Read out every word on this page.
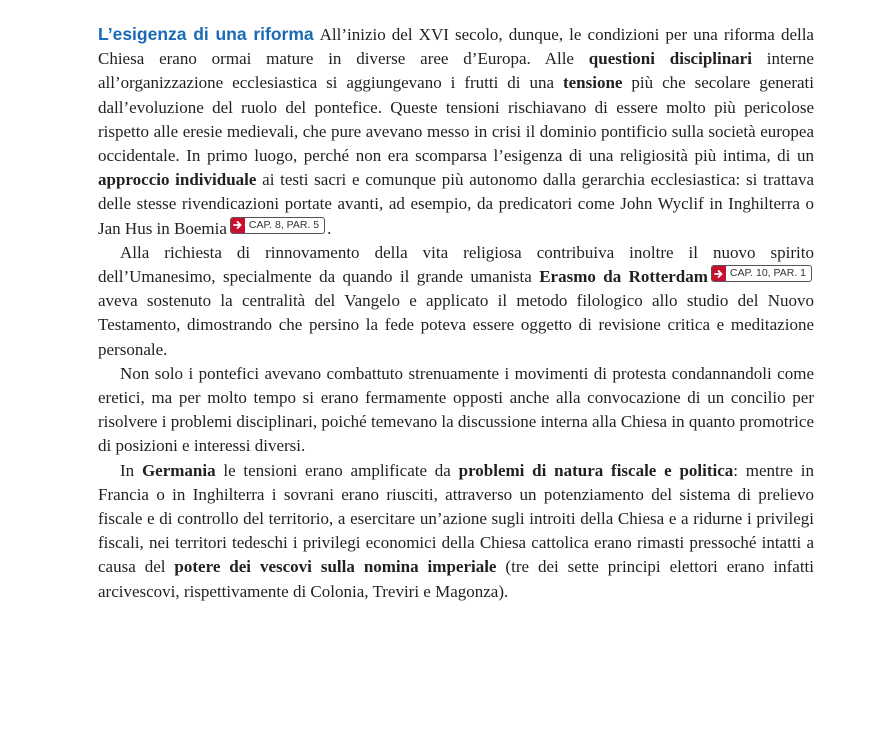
L’esigenza di una riforma All’inizio del XVI secolo, dunque, le condizioni per una riforma della Chiesa erano ormai mature in diverse aree d’Europa. Alle questioni disciplinari interne all’organizzazione ecclesiastica si aggiungevano i frutti di una tensione più che secolare generati dall’evoluzione del ruolo del pontefice. Queste tensioni rischiavano di essere molto più pericolose rispetto alle eresie medievali, che pure avevano messo in crisi il dominio pontificio sulla società europea occidentale. In primo luogo, perché non era scomparsa l’esigenza di una religiosità più intima, di un approccio individuale ai testi sacri e comunque più autonomo dalla gerarchia ecclesiastica: si trattava delle stesse rivendicazioni portate avanti, ad esempio, da predicatori come John Wyclif in Inghilterra o Jan Hus in Boemia CAP. 8, PAR. 5 .

Alla richiesta di rinnovamento della vita religiosa contribuiva inoltre il nuovo spirito dell’Umanesimo, specialmente da quando il grande umanista Erasmo da Rotterdam CAP. 10, PAR. 1
aveva sostenuto la centralità del Vangelo e applicato il metodo filologico allo studio del Nuovo Testamento, dimostrando che persino la fede poteva essere oggetto di revisione critica e meditazione personale.

Non solo i pontefici avevano combattuto strenuamente i movimenti di protesta condannandoli come eretici, ma per molto tempo si erano fermamente opposti anche alla convocazione di un concilio per risolvere i problemi disciplinari, poiché temevano la discussione interna alla Chiesa in quanto promotrice di posizioni e interessi diversi.

In Germania le tensioni erano amplificate da problemi di natura fiscale e politica: mentre in Francia o in Inghilterra i sovrani erano riusciti, attraverso un potenziamento del sistema di prelievo fiscale e di controllo del territorio, a esercitare un’azione sugli introiti della Chiesa e a ridurne i privilegi fiscali, nei territori tedeschi i privilegi economici della Chiesa cattolica erano rimasti pressoché intatti a causa del potere dei vescovi sulla nomina imperiale (tre dei sette principi elettori erano infatti arcivescovi, rispettivamente di Colonia, Treviri e Magonza).
